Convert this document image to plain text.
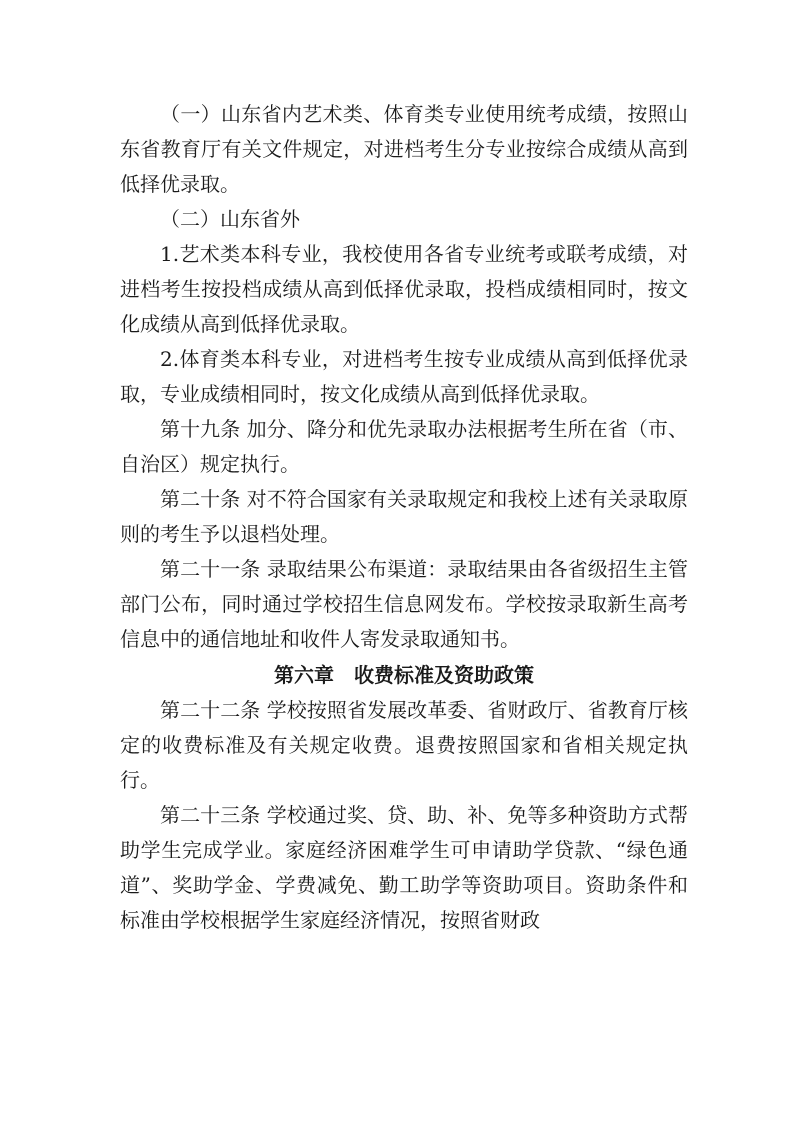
（一）山东省内艺术类、体育类专业使用统考成绩，按照山东省教育厅有关文件规定，对进档考生分专业按综合成绩从高到低择优录取。

（二）山东省外

1.艺术类本科专业，我校使用各省专业统考或联考成绩，对进档考生按投档成绩从高到低择优录取，投档成绩相同时，按文化成绩从高到低择优录取。

2.体育类本科专业，对进档考生按专业成绩从高到低择优录取，专业成绩相同时，按文化成绩从高到低择优录取。

第十九条 加分、降分和优先录取办法根据考生所在省（市、自治区）规定执行。

第二十条 对不符合国家有关录取规定和我校上述有关录取原则的考生予以退档处理。

第二十一条 录取结果公布渠道：录取结果由各省级招生主管部门公布，同时通过学校招生信息网发布。学校按录取新生高考信息中的通信地址和收件人寄发录取通知书。

第六章　收费标准及资助政策

第二十二条 学校按照省发展改革委、省财政厅、省教育厅核定的收费标准及有关规定收费。退费按照国家和省相关规定执行。

第二十三条 学校通过奖、贷、助、补、免等多种资助方式帮助学生完成学业。家庭经济困难学生可申请助学贷款、“绿色通道”、奖助学金、学费减免、勤工助学等资助项目。资助条件和标准由学校根据学生家庭经济情况，按照省财政
